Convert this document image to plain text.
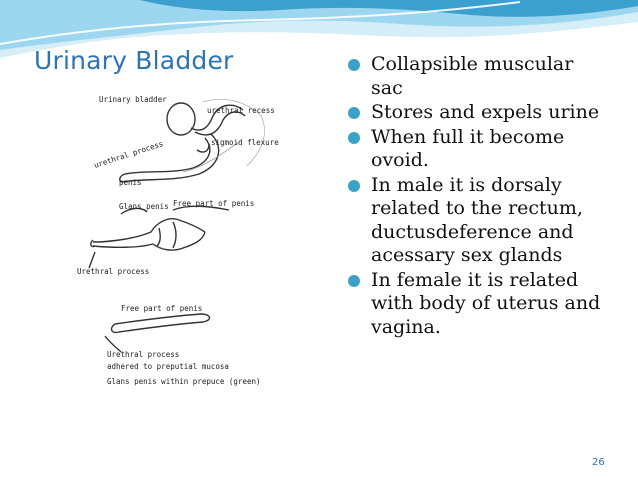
Urinary Bladder
Urinary bladder
urethral recess
sigmoid flexure
urethral process
penis
Glans penis Free part of penis
Urethral process
Free part of penis
Urethral process
adhered to preputial mucosa
Glans penis within prepuce (green)
Collapsible muscular
sac
Stores and expels urine
When full it become
ovoid.
In male it is dorsaly
related to the rectum,
ductusdeference and
acessary sex glands
In female it is related
with body of uterus and
vagina.
26
